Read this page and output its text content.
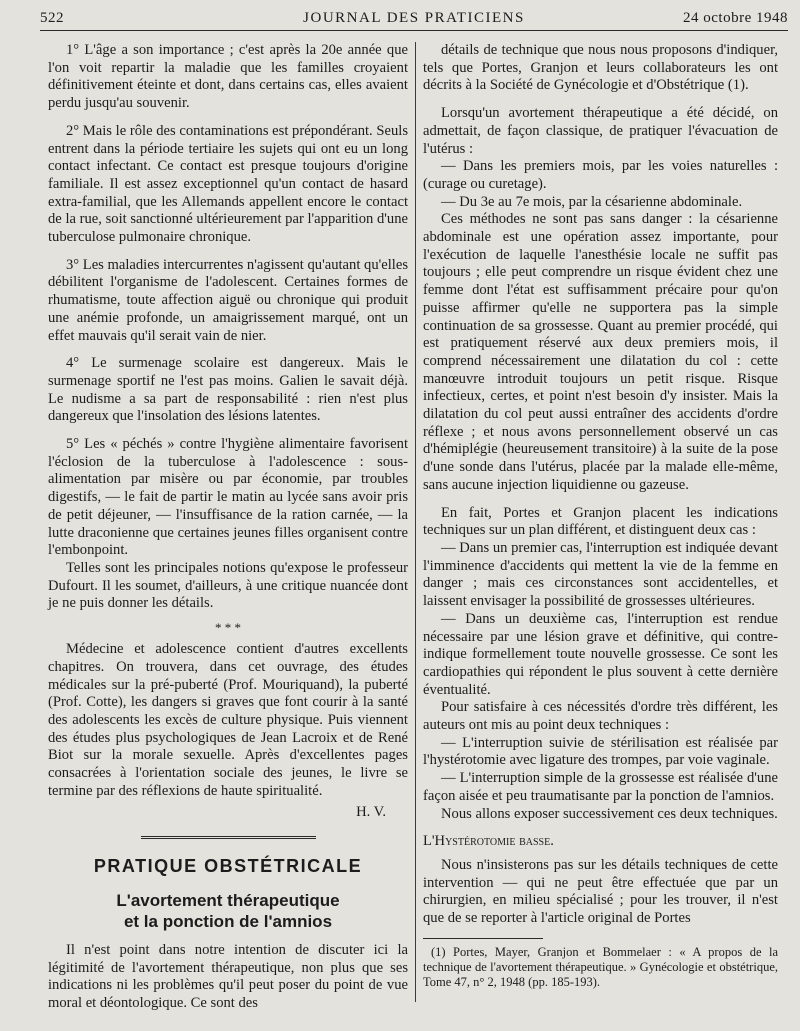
522	JOURNAL DES PRATICIENS	24 octobre 1948

1° L'âge a son importance ; c'est après la 20e année que l'on voit repartir la maladie que les familles croyaient définitivement éteinte et dont, dans certains cas, elles avaient perdu jusqu'au souvenir.

2° Mais le rôle des contaminations est prépondérant. Seuls entrent dans la période tertiaire les sujets qui ont eu un long contact infectant. Ce contact est presque toujours d'origine familiale. Il est assez exceptionnel qu'un contact de hasard extra-familial, que les Allemands appellent encore le contact de la rue, soit sanctionné ultérieurement par l'apparition d'une tuberculose pulmonaire chronique.

3° Les maladies intercurrentes n'agissent qu'autant qu'elles débilitent l'organisme de l'adolescent. Certaines formes de rhumatisme, toute affection aiguë ou chronique qui produit une anémie profonde, un amaigrissement marqué, ont un effet mauvais qu'il serait vain de nier.

4° Le surmenage scolaire est dangereux. Mais le surmenage sportif ne l'est pas moins. Galien le savait déjà. Le nudisme a sa part de responsabilité : rien n'est plus dangereux que l'insolation des lésions latentes.

5° Les « péchés » contre l'hygiène alimentaire favorisent l'éclosion de la tuberculose à l'adolescence : sous-alimentation par misère ou par économie, par troubles digestifs, — le fait de partir le matin au lycée sans avoir pris de petit déjeuner, — l'insuffisance de la ration carnée, — la lutte draconienne que certaines jeunes filles organisent contre l'embonpoint.

Telles sont les principales notions qu'expose le professeur Dufourt. Il les soumet, d'ailleurs, à une critique nuancée dont je ne puis donner les détails.

* * *

Médecine et adolescence contient d'autres excellents chapitres. On trouvera, dans cet ouvrage, des études médicales sur la pré-puberté (Prof. Mouriquand), la puberté (Prof. Cotte), les dangers si graves que font courir à la santé des adolescents les excès de culture physique. Puis viennent des études plus psychologiques de Jean Lacroix et de René Biot sur la morale sexuelle. Après d'excellentes pages consacrées à l'orientation sociale des jeunes, le livre se termine par des réflexions de haute spiritualité.

H. V.

PRATIQUE OBSTÉTRICALE
L'avortement thérapeutique
et la ponction de l'amnios

Il n'est point dans notre intention de discuter ici la légitimité de l'avortement thérapeutique, non plus que ses indications ni les problèmes qu'il peut poser du point de vue moral et déontologique. Ce sont des

détails de technique que nous nous proposons d'indiquer, tels que Portes, Granjon et leurs collaborateurs les ont décrits à la Société de Gynécologie et d'Obstétrique (1).

Lorsqu'un avortement thérapeutique a été décidé, on admettait, de façon classique, de pratiquer l'évacuation de l'utérus :

— Dans les premiers mois, par les voies naturelles : (curage ou curetage).

— Du 3e au 7e mois, par la césarienne abdominale.

Ces méthodes ne sont pas sans danger : la césarienne abdominale est une opération assez importante, pour l'exécution de laquelle l'anesthésie locale ne suffit pas toujours ; elle peut comprendre un risque évident chez une femme dont l'état est suffisamment précaire pour qu'on puisse affirmer qu'elle ne supportera pas la simple continuation de sa grossesse. Quant au premier procédé, qui est pratiquement réservé aux deux premiers mois, il comprend nécessairement une dilatation du col : cette manœuvre introduit toujours un petit risque. Risque infectieux, certes, et point n'est besoin d'y insister. Mais la dilatation du col peut aussi entraîner des accidents d'ordre réflexe ; et nous avons personnellement observé un cas d'hémiplégie (heureusement transitoire) à la suite de la pose d'une sonde dans l'utérus, placée par la malade elle-même, sans aucune injection liquidienne ou gazeuse.

En fait, Portes et Granjon placent les indications techniques sur un plan différent, et distinguent deux cas :

— Dans un premier cas, l'interruption est indiquée devant l'imminence d'accidents qui mettent la vie de la femme en danger ; mais ces circonstances sont accidentelles, et laissent envisager la possibilité de grossesses ultérieures.

— Dans un deuxième cas, l'interruption est rendue nécessaire par une lésion grave et définitive, qui contre-indique formellement toute nouvelle grossesse. Ce sont les cardiopathies qui répondent le plus souvent à cette dernière éventualité.

Pour satisfaire à ces nécessités d'ordre très différent, les auteurs ont mis au point deux techniques :

— L'interruption suivie de stérilisation est réalisée par l'hystérotomie avec ligature des trompes, par voie vaginale.

— L'interruption simple de la grossesse est réalisée d'une façon aisée et peu traumatisante par la ponction de l'amnios.

Nous allons exposer successivement ces deux techniques.

L'Hystérotomie basse.

Nous n'insisterons pas sur les détails techniques de cette intervention — qui ne peut être effectuée que par un chirurgien, en milieu spécialisé ; pour les trouver, il n'est que de se reporter à l'article original de Portes

(1) Portes, Mayer, Granjon et Bommelaer : « A propos de la technique de l'avortement thérapeutique. » Gynécologie et obstétrique, Tome 47, n° 2, 1948 (pp. 185-193).
